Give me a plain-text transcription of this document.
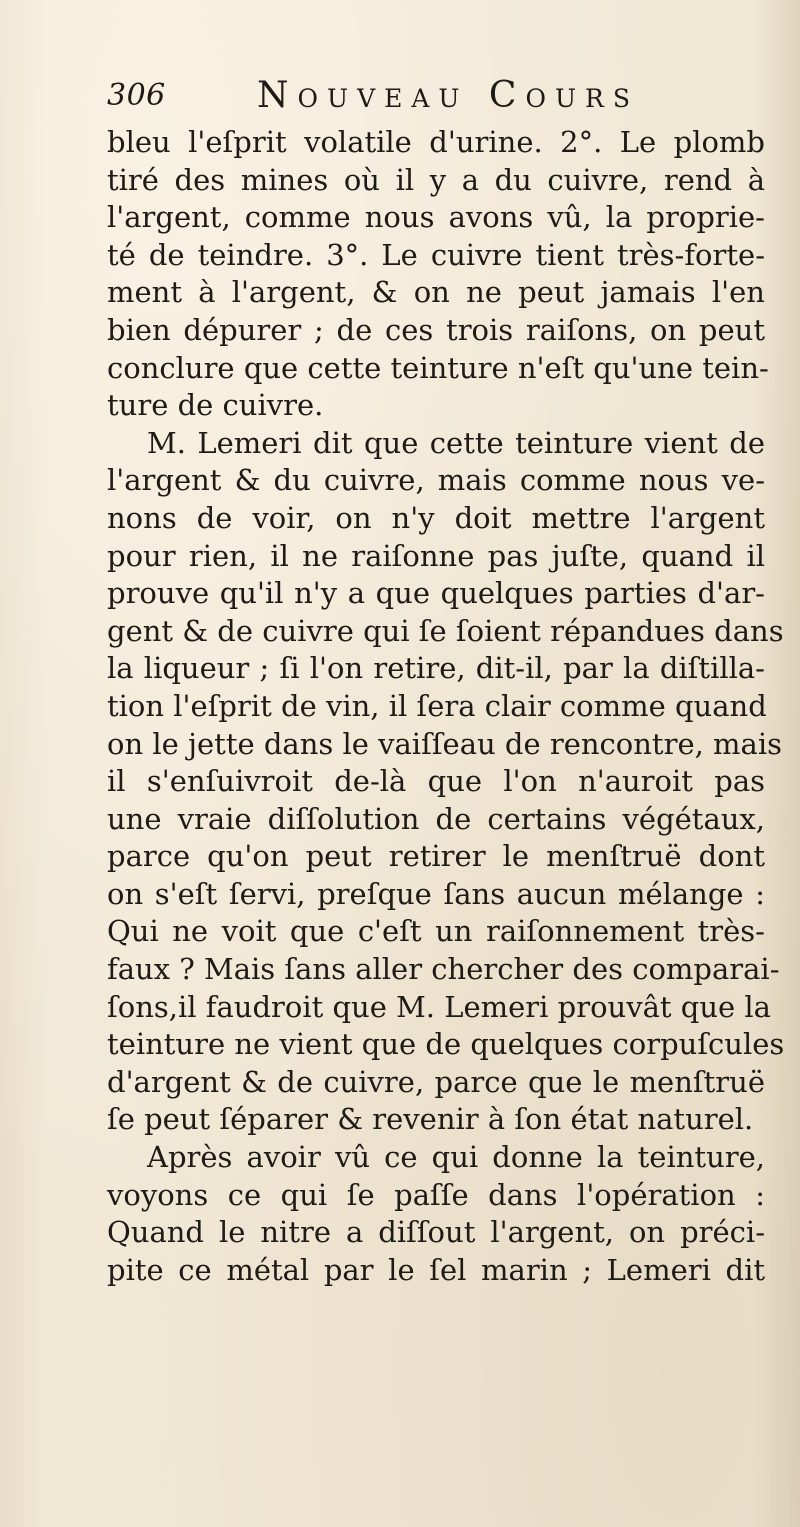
306	Nouveau Cours
bleu l'eſprit volatile d'urine. 2°. Le plomb
tiré des mines où il y a du cuivre, rend à
l'argent, comme nous avons vû, la proprie-
té de teindre. 3°. Le cuivre tient très-forte-
ment à l'argent, & on ne peut jamais l'en
bien dépurer ; de ces trois raiſons, on peut
conclure que cette teinture n'eſt qu'une tein-
ture de cuivre.
M. Lemeri dit que cette teinture vient de
l'argent & du cuivre, mais comme nous ve-
nons de voir, on n'y doit mettre l'argent
pour rien, il ne raiſonne pas juſte, quand il
prouve qu'il n'y a que quelques parties d'ar-
gent & de cuivre qui ſe ſoient répandues dans
la liqueur ; ſi l'on retire, dit-il, par la diſtilla-
tion l'eſprit de vin, il ſera clair comme quand
on le jette dans le vaiſſeau de rencontre, mais
il s'enſuivroit de-là que l'on n'auroit pas
une vraie diſſolution de certains végétaux,
parce qu'on peut retirer le menſtruë dont
on s'eſt ſervi, preſque ſans aucun mélange :
Qui ne voit que c'eſt un raiſonnement très-
faux ? Mais ſans aller chercher des comparai-
ſons,il faudroit que M. Lemeri prouvât que la
teinture ne vient que de quelques corpuſcules
d'argent & de cuivre, parce que le menſtruë
ſe peut ſéparer & revenir à ſon état naturel.
Après avoir vû ce qui donne la teinture,
voyons ce qui ſe paſſe dans l'opération :
Quand le nitre a diſſout l'argent, on préci-
pite ce métal par le ſel marin ; Lemeri dit
